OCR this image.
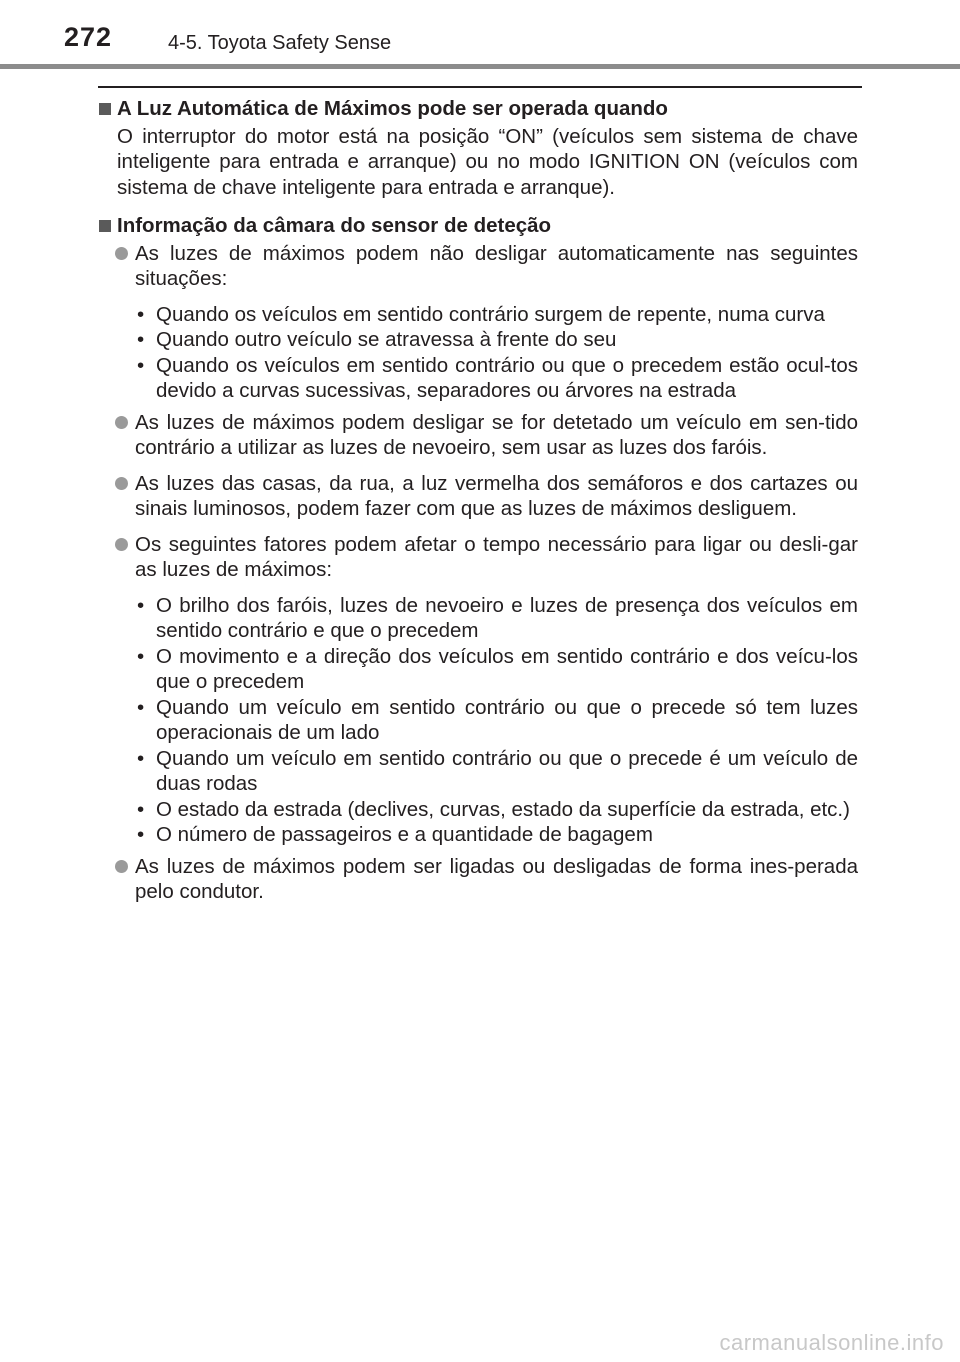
272	4-5. Toyota Safety Sense
A Luz Automática de Máximos pode ser operada quando
O interruptor do motor está na posição “ON” (veículos sem sistema de chave inteligente para entrada e arranque) ou no modo IGNITION ON (veículos com sistema de chave inteligente para entrada e arranque).
Informação da câmara do sensor de deteção
As luzes de máximos podem não desligar automaticamente nas seguintes situações:
• Quando os veículos em sentido contrário surgem de repente, numa curva
• Quando outro veículo se atravessa à frente do seu
• Quando os veículos em sentido contrário ou que o precedem estão ocul-tos devido a curvas sucessivas, separadores ou árvores na estrada
As luzes de máximos podem desligar se for detetado um veículo em sen-tido contrário a utilizar as luzes de nevoeiro, sem usar as luzes dos faróis.
As luzes das casas, da rua, a luz vermelha dos semáforos e dos cartazes ou sinais luminosos, podem fazer com que as luzes de máximos desliguem.
Os seguintes fatores podem afetar o tempo necessário para ligar ou desli-gar as luzes de máximos:
• O brilho dos faróis, luzes de nevoeiro e luzes de presença dos veículos em sentido contrário e que o precedem
• O movimento e a direção dos veículos em sentido contrário e dos veícu-los que o precedem
• Quando um veículo em sentido contrário ou que o precede só tem luzes operacionais de um lado
• Quando um veículo em sentido contrário ou que o precede é um veículo de duas rodas
• O estado da estrada (declives, curvas, estado da superfície da estrada, etc.)
• O número de passageiros e a quantidade de bagagem
As luzes de máximos podem ser ligadas ou desligadas de forma ines-perada pelo condutor.
carmanualsonline.info
